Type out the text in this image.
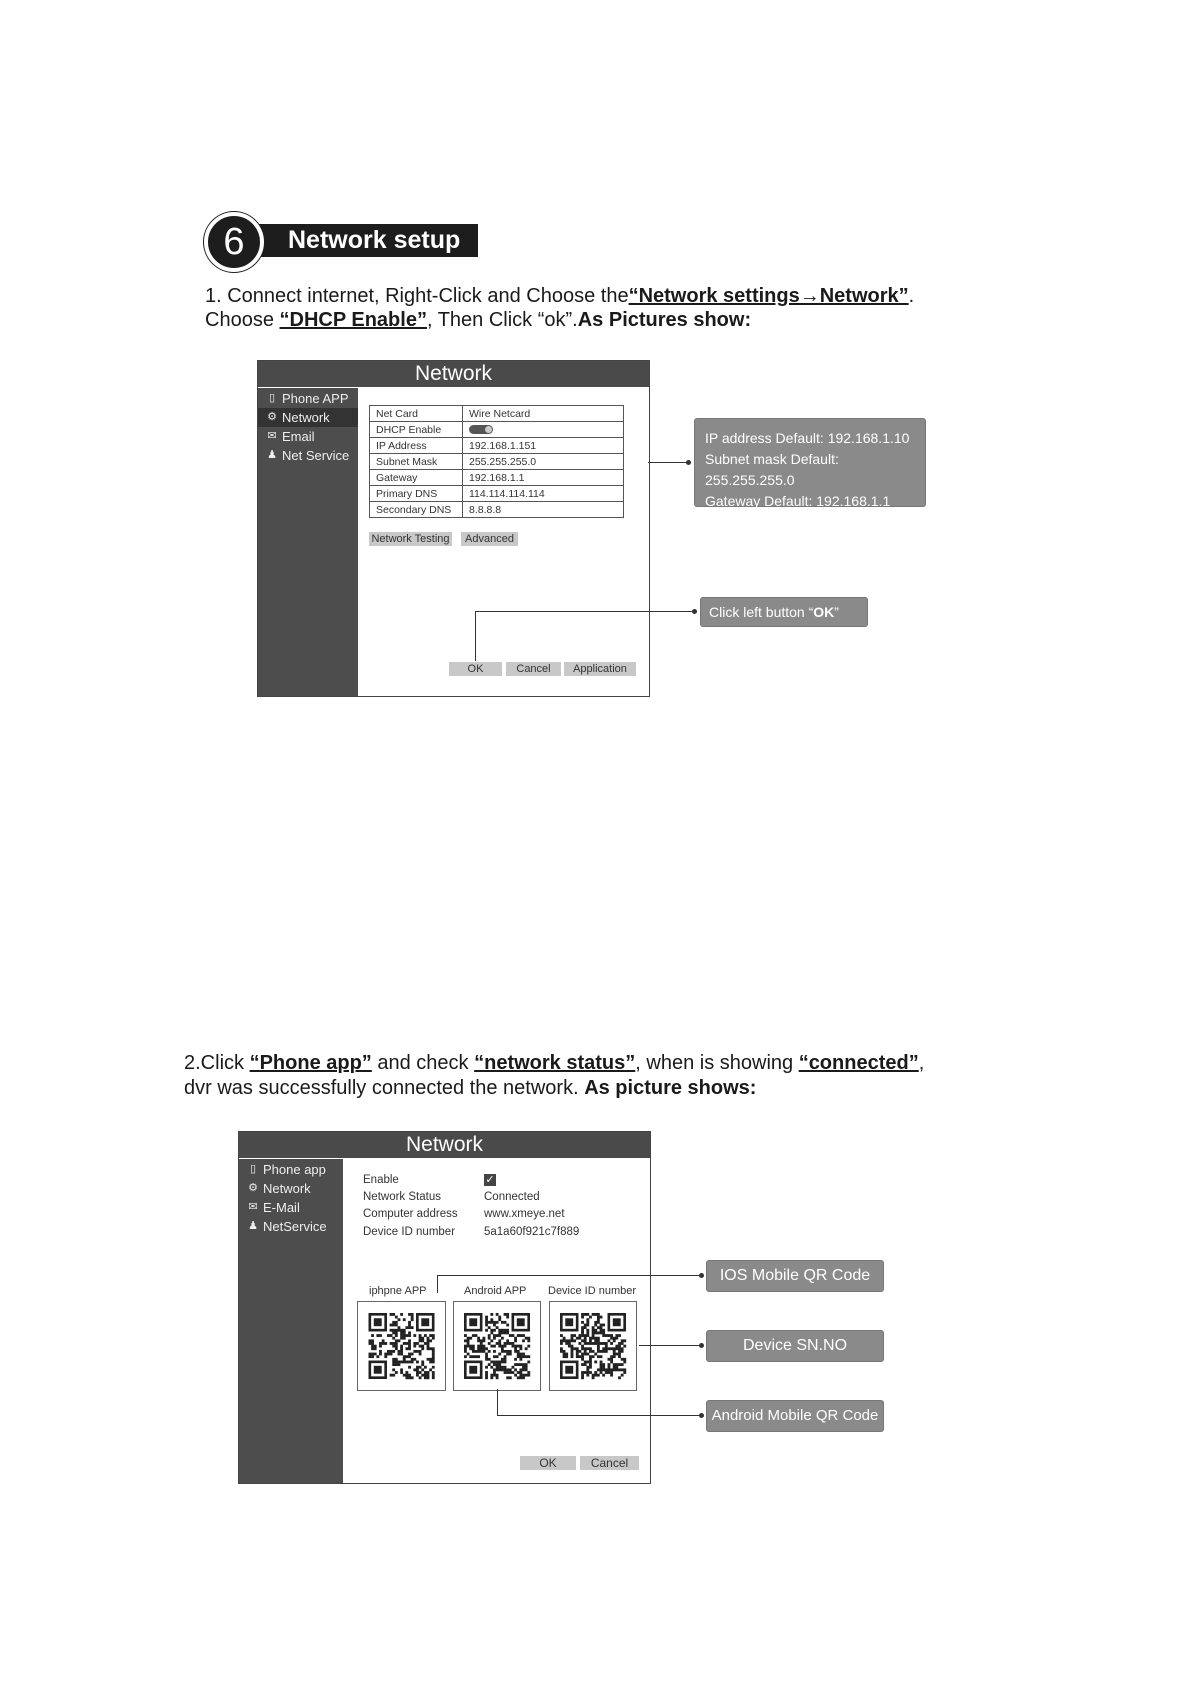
6	Network setup
1. Connect internet, Right-Click and Choose the“Network settings→Network”.
Choose “DHCP Enable”, Then Click “ok”.As Pictures show:
Network
▯ Phone APP
⚙ Network
✉ Email
♟ Net Service
Net Card	Wire Netcard
DHCP Enable	
IP Address	192.168.1.151
Subnet Mask	255.255.255.0
Gateway	192.168.1.1
Primary DNS	114.114.114.114
Secondary DNS	8.8.8.8
Network Testing	Advanced
OK	Cancel	Application
IP address Default: 192.168.1.10
Subnet mask Default: 255.255.255.0
Gateway Default: 192.168.1.1
Click left button “OK”
2.Click “Phone app” and check “network status”, when is showing “connected”,
dvr was successfully connected the network. As picture shows:
Network
▯ Phone app
⚙ Network
✉ E-Mail
♟ NetService
Enable	✓
Network Status	Connected
Computer address www.xmeye.net
Device ID number	5a1a60f921c7f889
iphpne APP	Android APP Device ID number
OK	Cancel
IOS Mobile QR Code
Device SN.NO
Android Mobile QR Code
